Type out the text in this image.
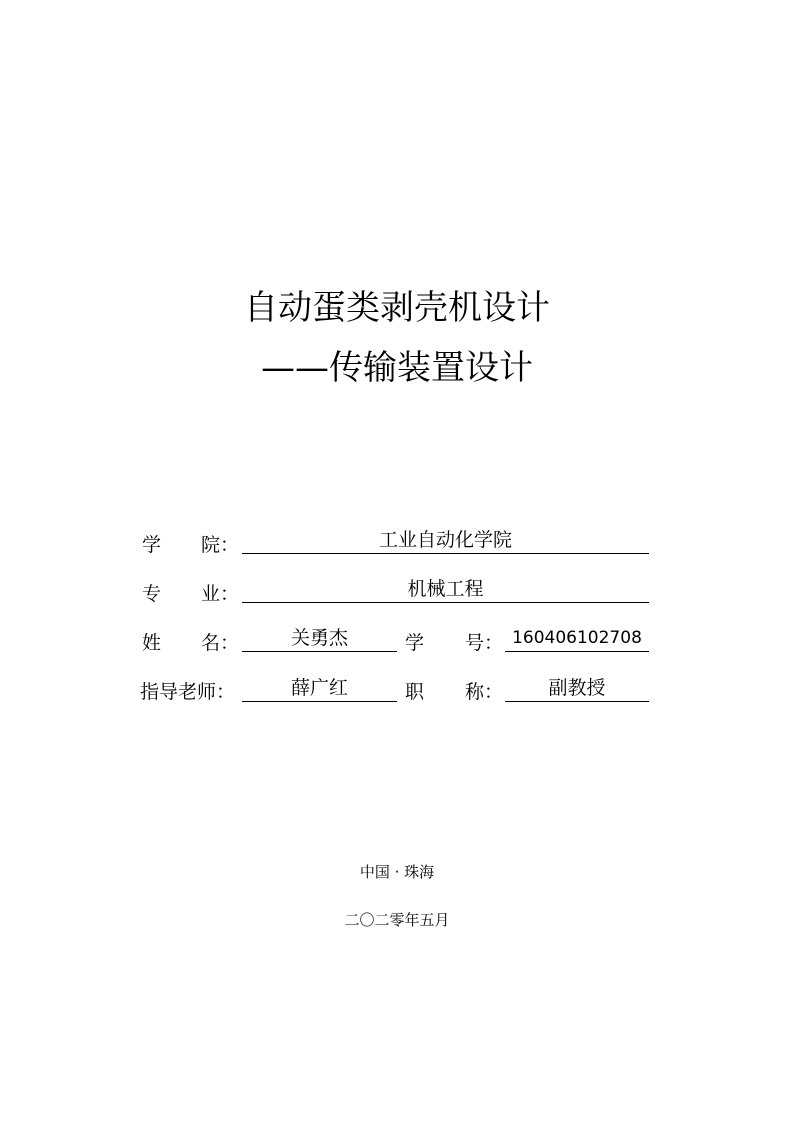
自动蛋类剥壳机设计
——传输装置设计
学 院：	工业自动化学院
专 业：	机械工程
姓 名：	关勇杰	学 号： 160406102708
指导老师：	薛广红	职 称：	副教授
中国 · 珠海
二〇二零年五月
